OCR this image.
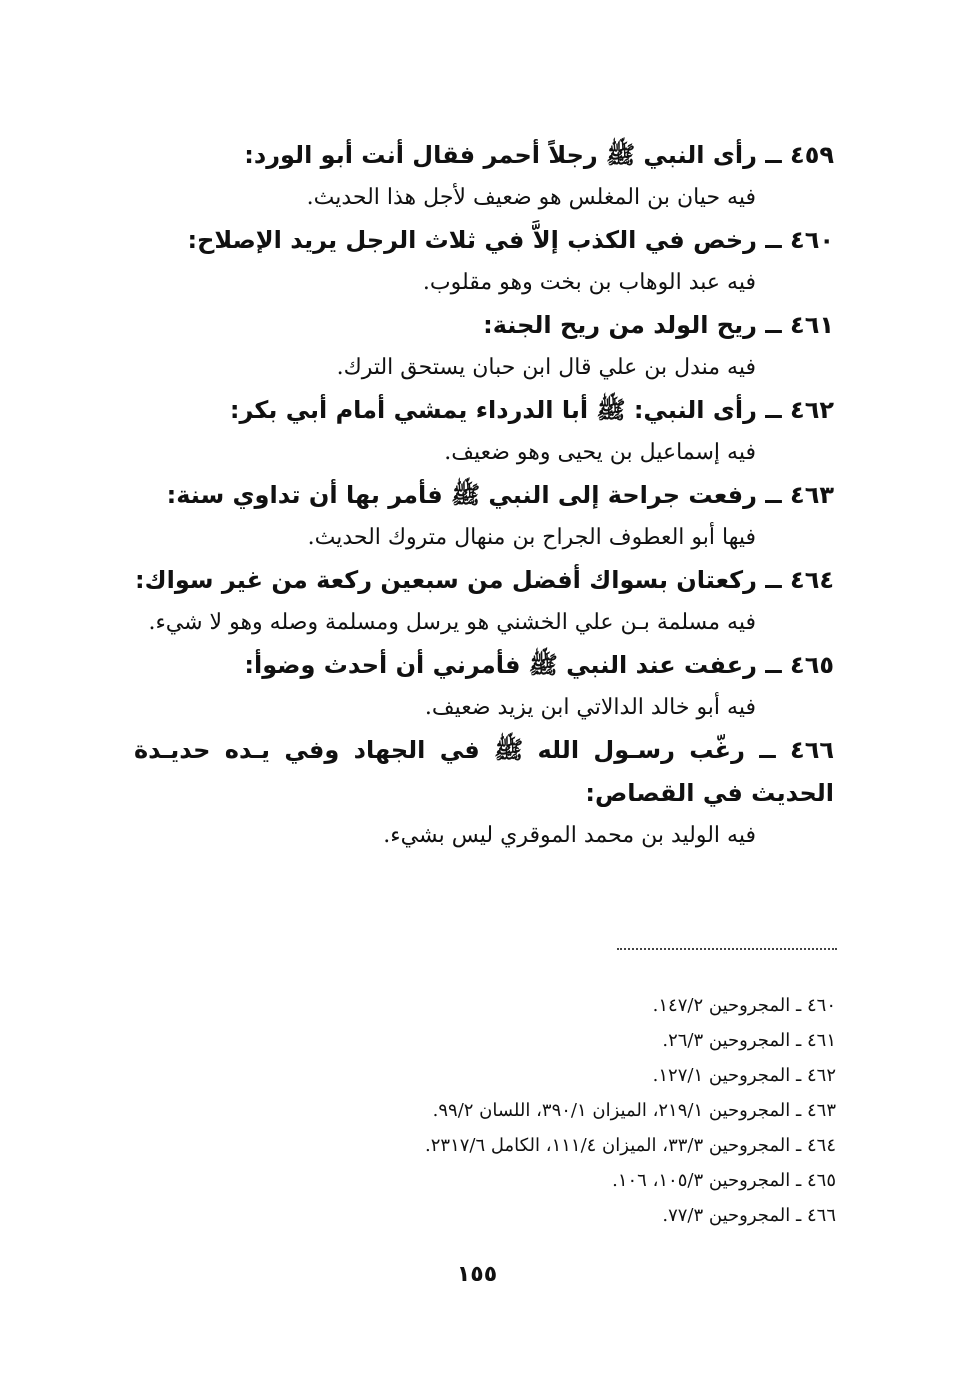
٤٥٩ ــ رأى النبي ﷺ رجلاً أحمر فقال أنت أبو الورد:
فيه حيان بن المغلس هو ضعيف لأجل هذا الحديث.
٤٦٠ ــ رخص في الكذب إلاَّ في ثلاث الرجل يريد الإصلاح:
فيه عبد الوهاب بن بخت وهو مقلوب.
٤٦١ ــ ريح الولد من ريح الجنة:
فيه مندل بن علي قال ابن حبان يستحق الترك.
٤٦٢ ــ رأى النبي: ﷺ أبا الدرداء يمشي أمام أبي بكر:
فيه إسماعيل بن يحيى وهو ضعيف.
٤٦٣ ــ رفعت جراحة إلى النبي ﷺ فأمر بها أن تداوي سنة:
فيها أبو العطوف الجراح بن منهال متروك الحديث.
٤٦٤ ــ ركعتان بسواك أفضل من سبعين ركعة من غير سواك:
فيه مسلمة بـن علي الخشني هو يرسل ومسلمة وصله وهو لا شيء.
٤٦٥ ــ رعفت عند النبي ﷺ فأمرني أن أحدث وضوأ:
فيه أبو خالد الدالاتي ابن يزيد ضعيف.
٤٦٦ ــ رغّب رسـول الله ﷺ في الجهاد وفي يـده حديـدة الحديث في القصاص:
فيه الوليد بن محمد الموقري ليس بشيء.
٤٦٠ ـ المجروحين ١٤٧/٢.
٤٦١ ـ المجروحين ٢٦/٣.
٤٦٢ ـ المجروحين ١٢٧/١.
٤٦٣ ـ المجروحين ٢١٩/١، الميزان ٣٩٠/١، اللسان ٩٩/٢.
٤٦٤ ـ المجروحين ٣٣/٣، الميزان ١١١/٤، الكامل ٢٣١٧/٦.
٤٦٥ ـ المجروحين ١٠٥/٣، ١٠٦.
٤٦٦ ـ المجروحين ٧٧/٣.
١٥٥
